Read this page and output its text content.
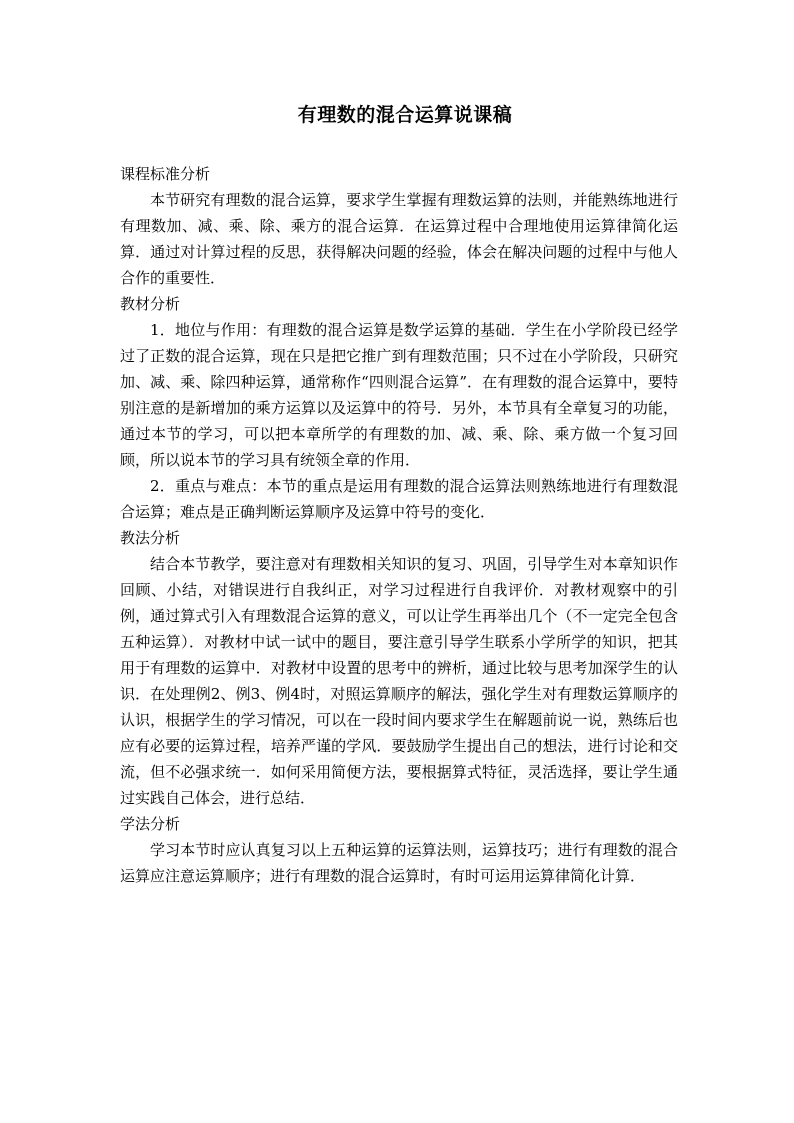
有理数的混合运算说课稿

课程标准分析

本节研究有理数的混合运算，要求学生掌握有理数运算的法则，并能熟练地进行有理数加、减、乘、除、乘方的混合运算．在运算过程中合理地使用运算律简化运算．通过对计算过程的反思，获得解决问题的经验，体会在解决问题的过程中与他人合作的重要性．

教材分析

1．地位与作用：有理数的混合运算是数学运算的基础．学生在小学阶段已经学过了正数的混合运算，现在只是把它推广到有理数范围；只不过在小学阶段，只研究加、减、乘、除四种运算，通常称作“四则混合运算”．在有理数的混合运算中，要特别注意的是新增加的乘方运算以及运算中的符号．另外，本节具有全章复习的功能，通过本节的学习，可以把本章所学的有理数的加、减、乘、除、乘方做一个复习回顾，所以说本节的学习具有统领全章的作用．

2．重点与难点：本节的重点是运用有理数的混合运算法则熟练地进行有理数混合运算；难点是正确判断运算顺序及运算中符号的变化．

教法分析

结合本节教学，要注意对有理数相关知识的复习、巩固，引导学生对本章知识作回顾、小结，对错误进行自我纠正，对学习过程进行自我评价．对教材观察中的引例，通过算式引入有理数混合运算的意义，可以让学生再举出几个（不一定完全包含五种运算）．对教材中试一试中的题目，要注意引导学生联系小学所学的知识，把其用于有理数的运算中．对教材中设置的思考中的辨析，通过比较与思考加深学生的认识．在处理例2、例3、例4时，对照运算顺序的解法，强化学生对有理数运算顺序的认识，根据学生的学习情况，可以在一段时间内要求学生在解题前说一说，熟练后也应有必要的运算过程，培养严谨的学风．要鼓励学生提出自己的想法，进行讨论和交流，但不必强求统一．如何采用简便方法，要根据算式特征，灵活选择，要让学生通过实践自己体会，进行总结．

学法分析

学习本节时应认真复习以上五种运算的运算法则，运算技巧；进行有理数的混合运算应注意运算顺序；进行有理数的混合运算时，有时可运用运算律简化计算．
